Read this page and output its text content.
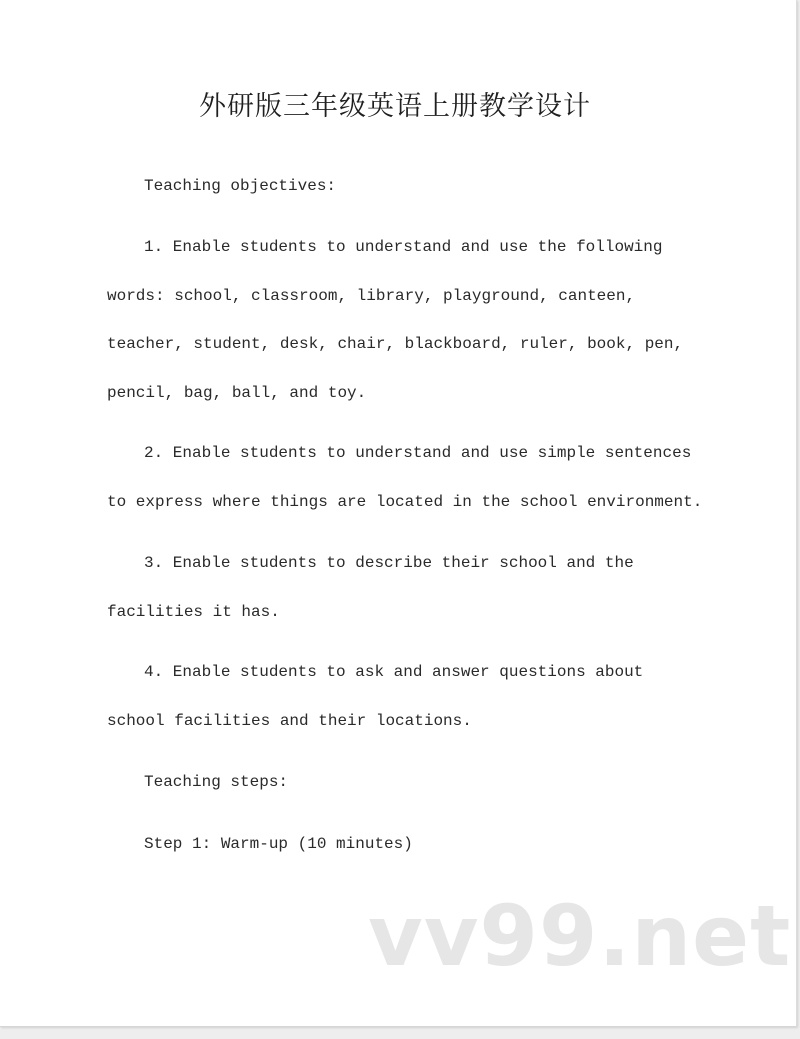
外研版三年级英语上册教学设计

Teaching objectives:

1. Enable students to understand and use the following
words: school, classroom, library, playground, canteen,
teacher, student, desk, chair, blackboard, ruler, book, pen,
pencil, bag, ball, and toy.

2. Enable students to understand and use simple sentences
to express where things are located in the school environment.

3. Enable students to describe their school and the
facilities it has.

4. Enable students to ask and answer questions about
school facilities and their locations.

Teaching steps:

Step 1: Warm-up (10 minutes)

vv99.net
